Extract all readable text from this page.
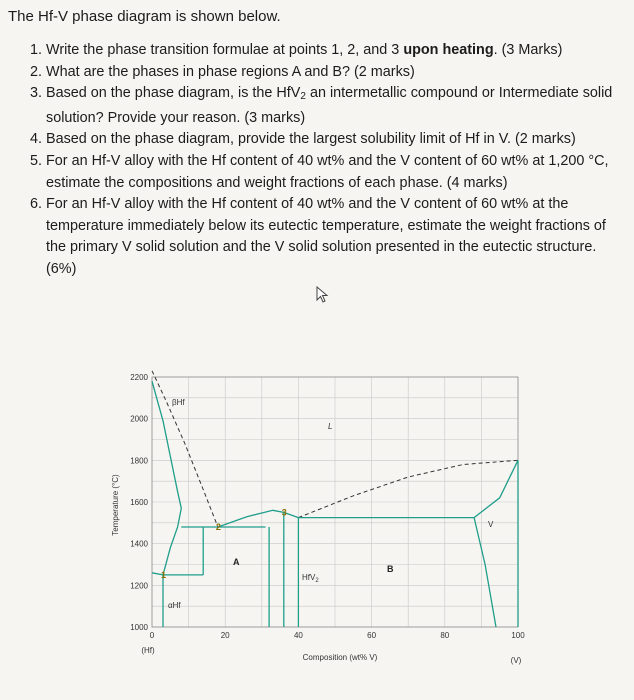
The Hf-V phase diagram is shown below.
1. Write the phase transition formulae at points 1, 2, and 3 upon heating. (3 Marks)
2. What are the phases in phase regions A and B? (2 marks)
3. Based on the phase diagram, is the HfV$_2$ an intermetallic compound or Intermediate solid solution? Provide your reason. (3 marks)
4. Based on the phase diagram, provide the largest solubility limit of Hf in V. (2 marks)
5. For an Hf-V alloy with the Hf content of 40 wt% and the V content of 60 wt% at 1,200 °C, estimate the compositions and weight fractions of each phase. (4 marks)
6. For an Hf-V alloy with the Hf content of 40 wt% and the V content of 60 wt% at the temperature immediately below its eutectic temperature, estimate the weight fractions of the primary V solid solution and the V solid solution presented in the eutectic structure. (6%)
1000
1200
1400
1600
1800
2000
2200
0	20	40	60	80	100
Temperature (°C)
Composition (wt% V)
(Hf)
(V)
βHf
αHf
L
A
B
V
HfV$_2$
1
2
3
